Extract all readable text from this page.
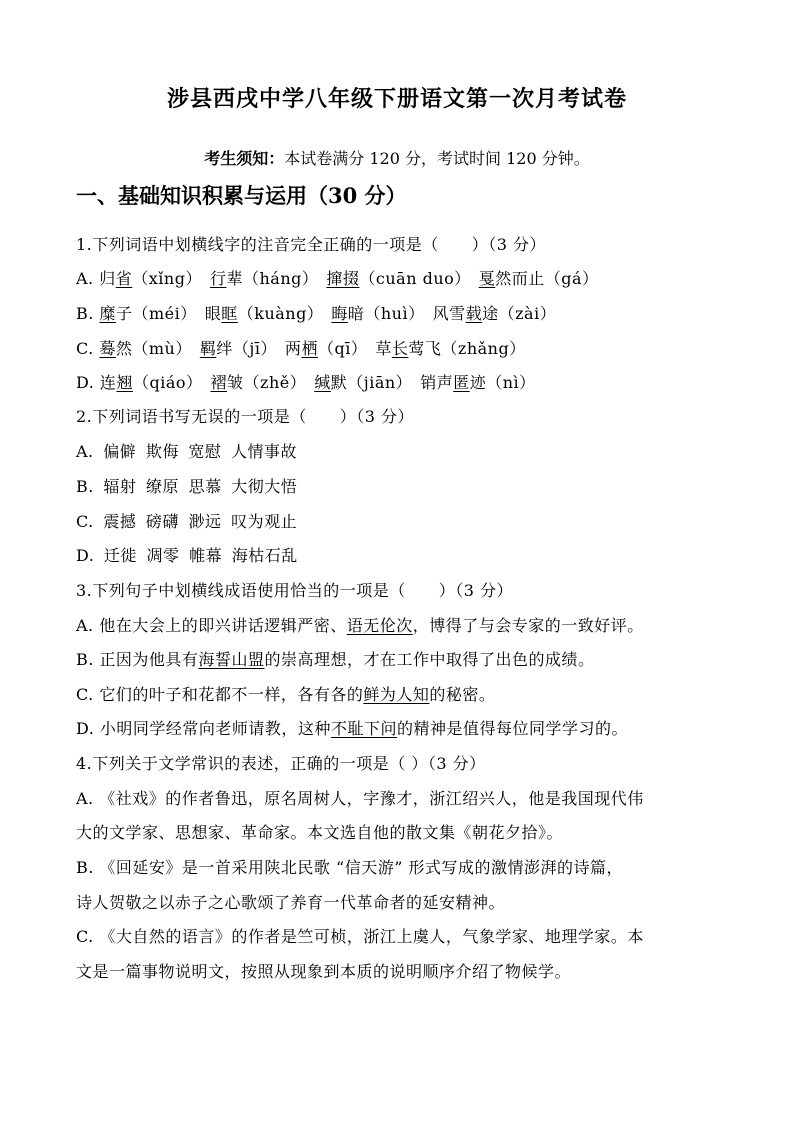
涉县西戌中学八年级下册语文第一次月考试卷
考生须知：本试卷满分 120 分，考试时间 120 分钟。
一、基础知识积累与运用（30 分）
1.下列词语中划横线字的注音完全正确的一项是（　　）（3 分）
A. 归省（xǐng） 行辈（háng） 撺掇（cuān duo） 戛然而止（gá）
B. 糜子（méi） 眼眶（kuàng） 晦暗（huì） 风雪载途（zài）
C. 蓦然（mù） 羁绊（jī） 两栖（qī） 草长莺飞（zhǎng）
D. 连翘（qiáo） 褶皱（zhě） 缄默（jiān） 销声匿迹（nì）
2.下列词语书写无误的一项是（　　）（3 分）
A. 偏僻 欺侮 宽慰 人情事故
B. 辐射 缭原 思慕 大彻大悟
C. 震撼 磅礴 渺远 叹为观止
D. 迁徙 凋零 帷幕 海枯石乱
3.下列句子中划横线成语使用恰当的一项是（　　）（3 分）
A. 他在大会上的即兴讲话逻辑严密、语无伦次，博得了与会专家的一致好评。
B. 正因为他具有海誓山盟的崇高理想，才在工作中取得了出色的成绩。
C. 它们的叶子和花都不一样，各有各的鲜为人知的秘密。
D. 小明同学经常向老师请教，这种不耻下问的精神是值得每位同学学习的。
4.下列关于文学常识的表述，正确的一项是（ ）（3 分）
A. 《社戏》的作者鲁迅，原名周树人，字豫才，浙江绍兴人，他是我国现代伟
大的文学家、思想家、革命家。本文选自他的散文集《朝花夕拾》。
B. 《回延安》是一首采用陕北民歌 “信天游” 形式写成的激情澎湃的诗篇，
诗人贺敬之以赤子之心歌颂了养育一代革命者的延安精神。
C. 《大自然的语言》的作者是竺可桢，浙江上虞人，气象学家、地理学家。本
文是一篇事物说明文，按照从现象到本质的说明顺序介绍了物候学。
